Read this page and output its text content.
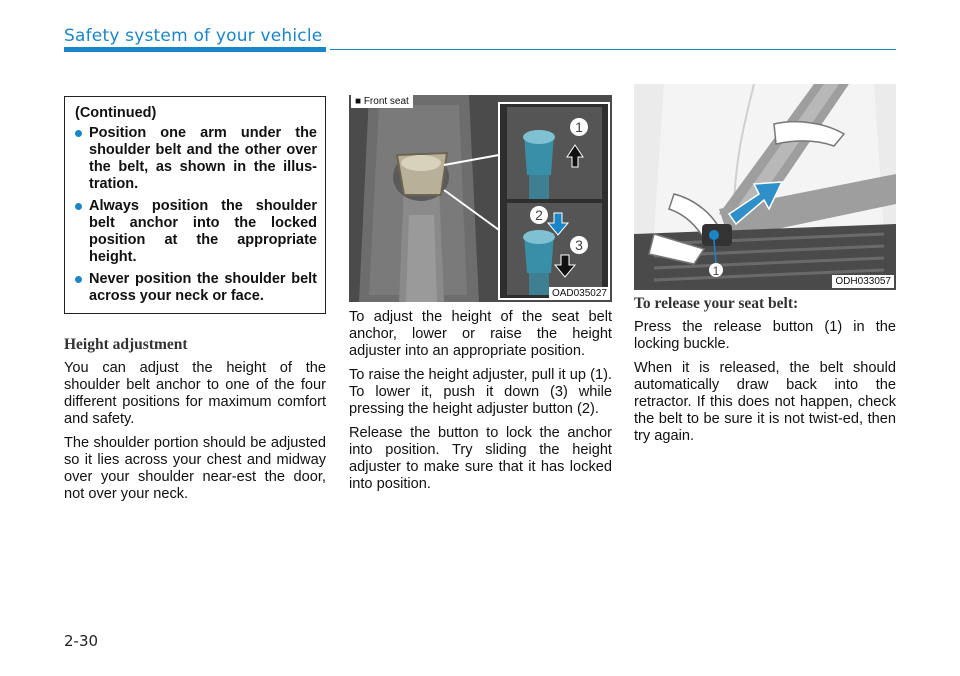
Safety system of your vehicle
(Continued)
Position one arm under the shoulder belt and the other over the belt, as shown in the illus-tration.
Always position the shoulder belt anchor into the locked position at the appropriate height.
Never position the shoulder belt across your neck or face.
Height adjustment

You can adjust the height of the shoulder belt anchor to one of the four different positions for maximum comfort and safety.

The shoulder portion should be adjusted so it lies across your chest and midway over your shoulder near-est the door, not over your neck.

1
2
3
■ Front seat
OAD035027

To adjust the height of the seat belt anchor, lower or raise the height adjuster into an appropriate position.

To raise the height adjuster, pull it up (1). To lower it, push it down (3) while pressing the height adjuster button (2).

Release the button to lock the anchor into position. Try sliding the height adjuster to make sure that it has locked into position.

1
ODH033057
To release your seat belt:

Press the release button (1) in the locking buckle.

When it is released, the belt should automatically draw back into the retractor. If this does not happen, check the belt to be sure it is not twist-ed, then try again.

2-30
